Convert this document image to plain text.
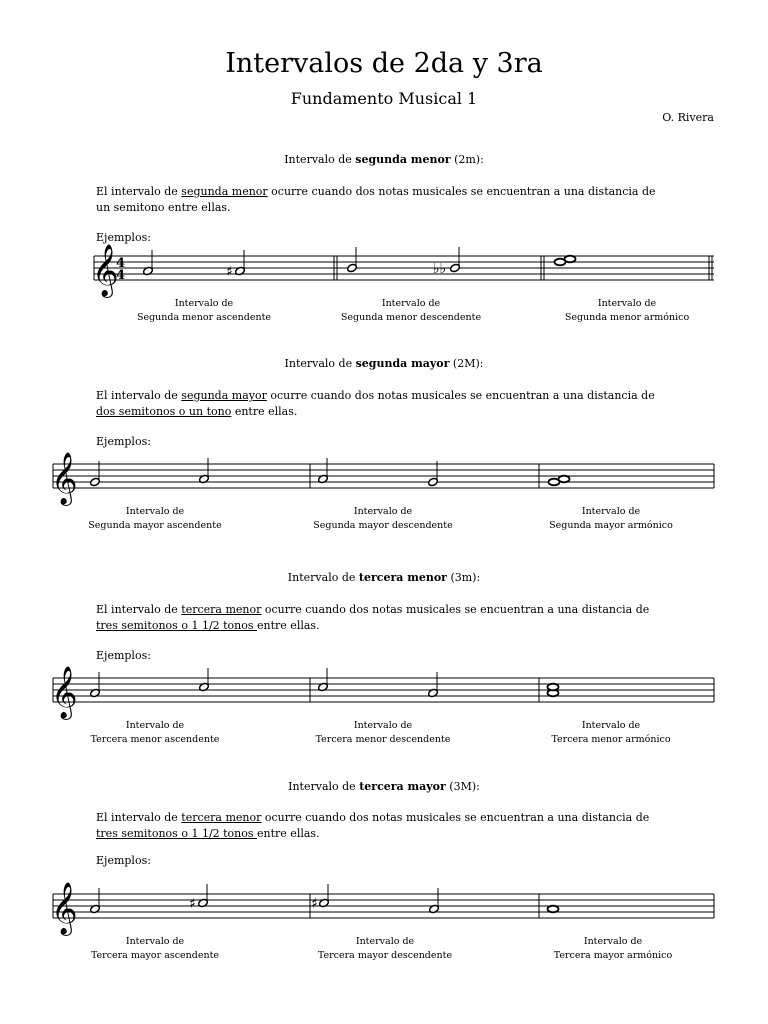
Intervalos de 2da y 3ra
Fundamento Musical 1
O. Rivera
Intervalo de segunda menor (2m):
El intervalo de segunda menor ocurre cuando dos notas musicales se encuentran a una distancia de
un semitono entre ellas.
Ejemplos:
𝄞
4
4	♯	♭♭
Intervalo de
Segunda menor ascendente
Intervalo de
Segunda menor descendente
Intervalo de
Segunda menor armónico
Intervalo de segunda mayor (2M):
El intervalo de segunda mayor ocurre cuando dos notas musicales se encuentran a una distancia de
dos semitonos o un tono entre ellas.
Ejemplos:
𝄞
Intervalo de
Segunda mayor ascendente
Intervalo de
Segunda mayor descendente
Intervalo de
Segunda mayor armónico
Intervalo de tercera menor (3m):
El intervalo de tercera menor ocurre cuando dos notas musicales se encuentran a una distancia de
tres semitonos o 1 1/2 tonos entre ellas.
Ejemplos:
𝄞
Intervalo de
Tercera menor ascendente
Intervalo de
Tercera menor descendente
Intervalo de
Tercera menor armónico
Intervalo de tercera mayor (3M):
El intervalo de tercera menor ocurre cuando dos notas musicales se encuentran a una distancia de
tres semitonos o 1 1/2 tonos entre ellas.
Ejemplos:
𝄞	♯	♯
Intervalo de
Tercera mayor ascendente
Intervalo de
Tercera mayor descendente
Intervalo de
Tercera mayor armónico
